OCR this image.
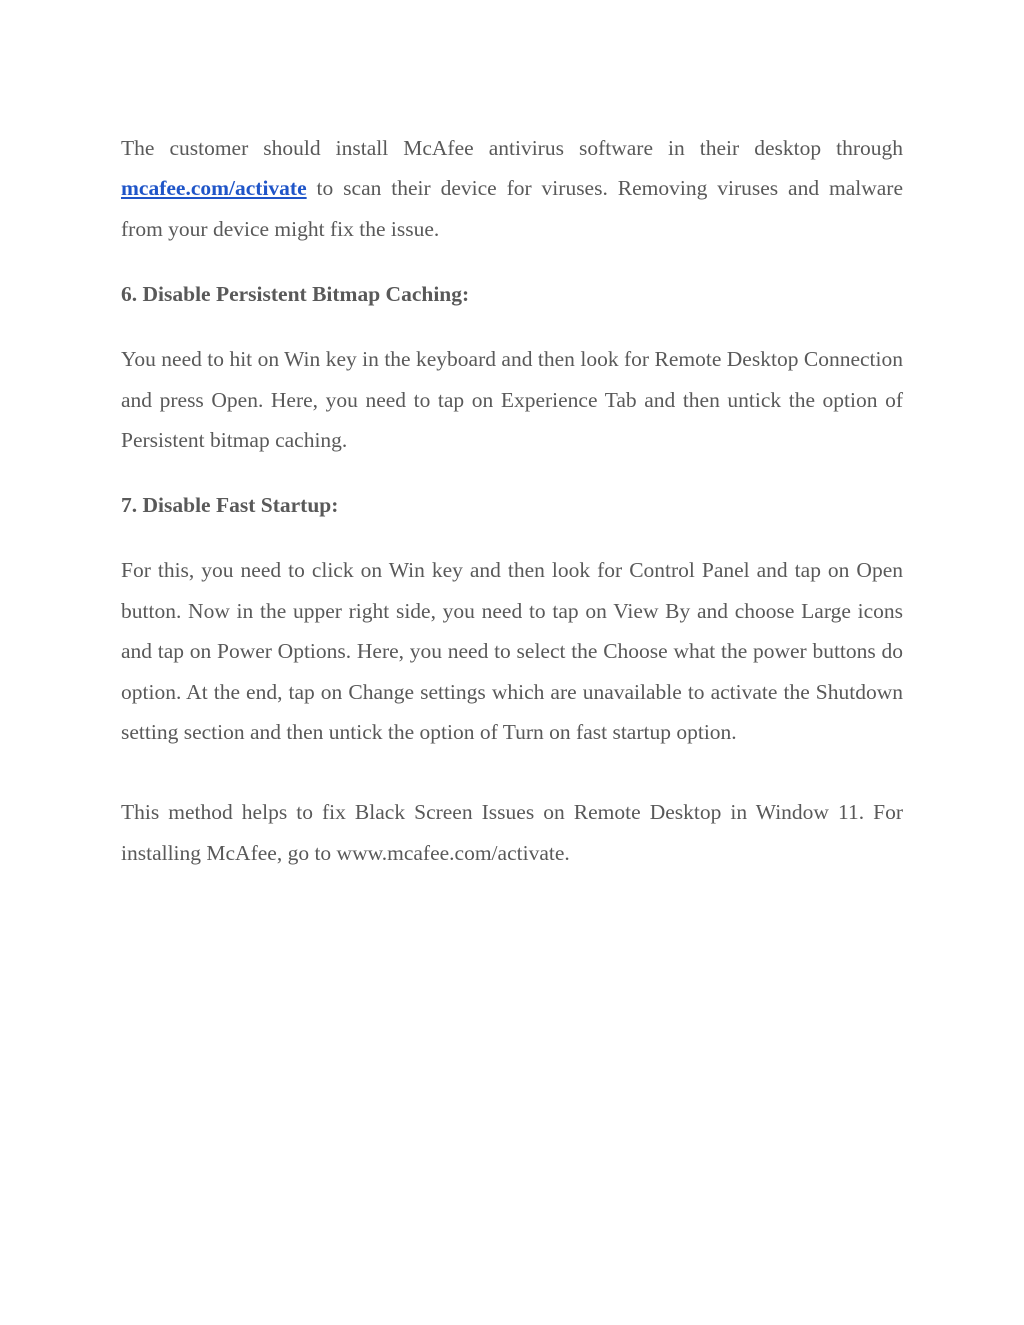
The customer should install McAfee antivirus software in their desktop through mcafee.com/activate to scan their device for viruses. Removing viruses and malware from your device might fix the issue.

6. Disable Persistent Bitmap Caching:

You need to hit on Win key in the keyboard and then look for Remote Desktop Connection and press Open. Here, you need to tap on Experience Tab and then untick the option of Persistent bitmap caching.

7. Disable Fast Startup:

For this, you need to click on Win key and then look for Control Panel and tap on Open button. Now in the upper right side, you need to tap on View By and choose Large icons and tap on Power Options. Here, you need to select the Choose what the power buttons do option. At the end, tap on Change settings which are unavailable to activate the Shutdown setting section and then untick the option of Turn on fast startup option.

This method helps to fix Black Screen Issues on Remote Desktop in Window 11. For installing McAfee, go to www.mcafee.com/activate.
